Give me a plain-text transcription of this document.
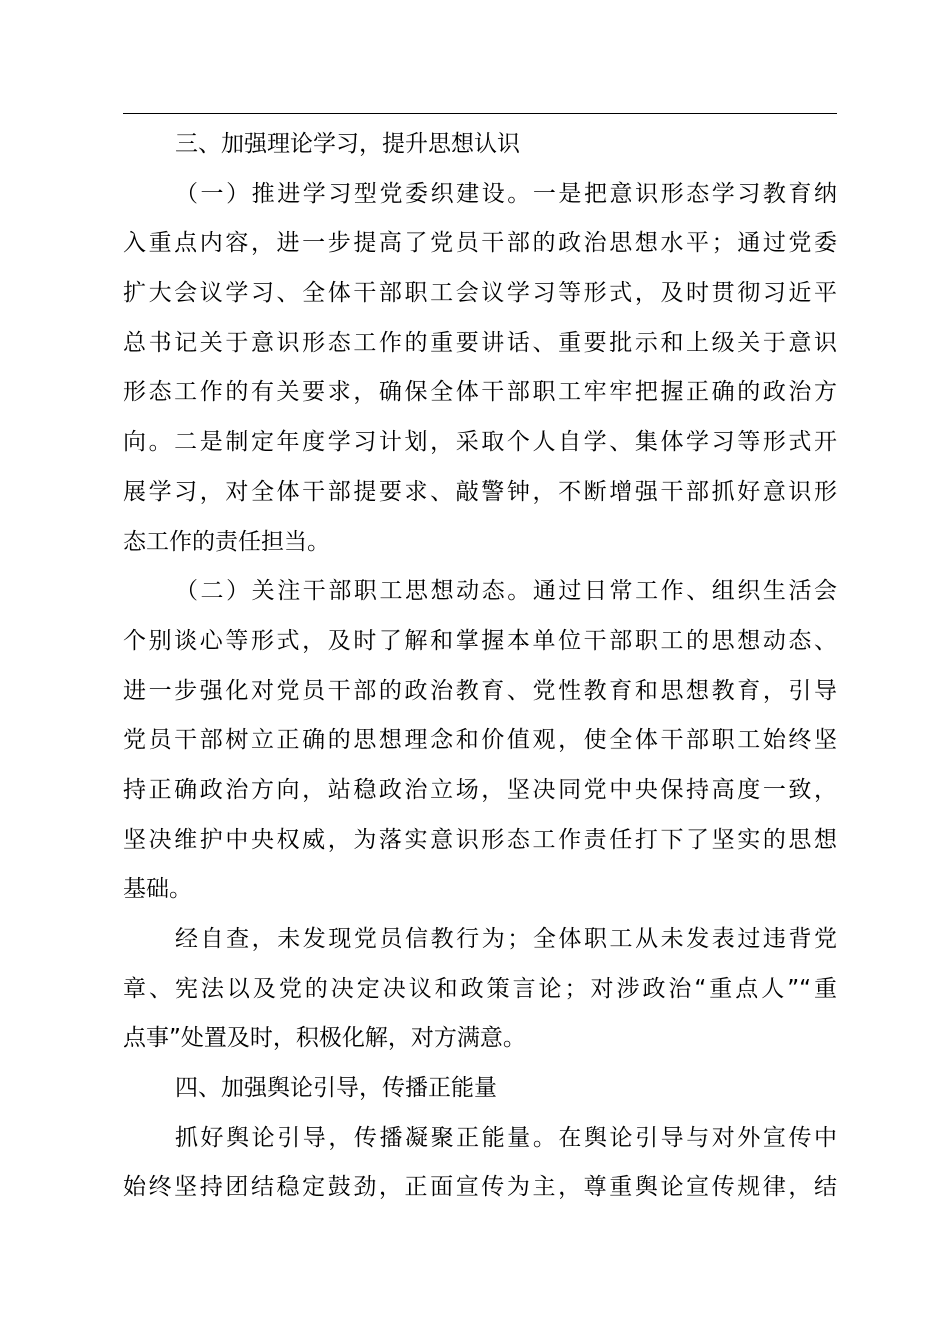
三、加强理论学习，提升思想认识
（一）推进学习型党委织建设。一是把意识形态学习教育纳
入重点内容，进一步提高了党员干部的政治思想水平；通过党委
扩大会议学习、全体干部职工会议学习等形式，及时贯彻习近平
总书记关于意识形态工作的重要讲话、重要批示和上级关于意识
形态工作的有关要求，确保全体干部职工牢牢把握正确的政治方
向。二是制定年度学习计划，采取个人自学、集体学习等形式开
展学习，对全体干部提要求、敲警钟，不断增强干部抓好意识形
态工作的责任担当。
（二）关注干部职工思想动态。通过日常工作、组织生活会
个别谈心等形式，及时了解和掌握本单位干部职工的思想动态、
进一步强化对党员干部的政治教育、党性教育和思想教育，引导
党员干部树立正确的思想理念和价值观，使全体干部职工始终坚
持正确政治方向，站稳政治立场，坚决同党中央保持高度一致，
坚决维护中央权威，为落实意识形态工作责任打下了坚实的思想
基础。
经自查，未发现党员信教行为；全体职工从未发表过违背党
章、宪法以及党的决定决议和政策言论；对涉政治“重点人”“重
点事”处置及时，积极化解，对方满意。
四、加强舆论引导，传播正能量
抓好舆论引导，传播凝聚正能量。在舆论引导与对外宣传中
始终坚持团结稳定鼓劲，正面宣传为主，尊重舆论宣传规律，结
